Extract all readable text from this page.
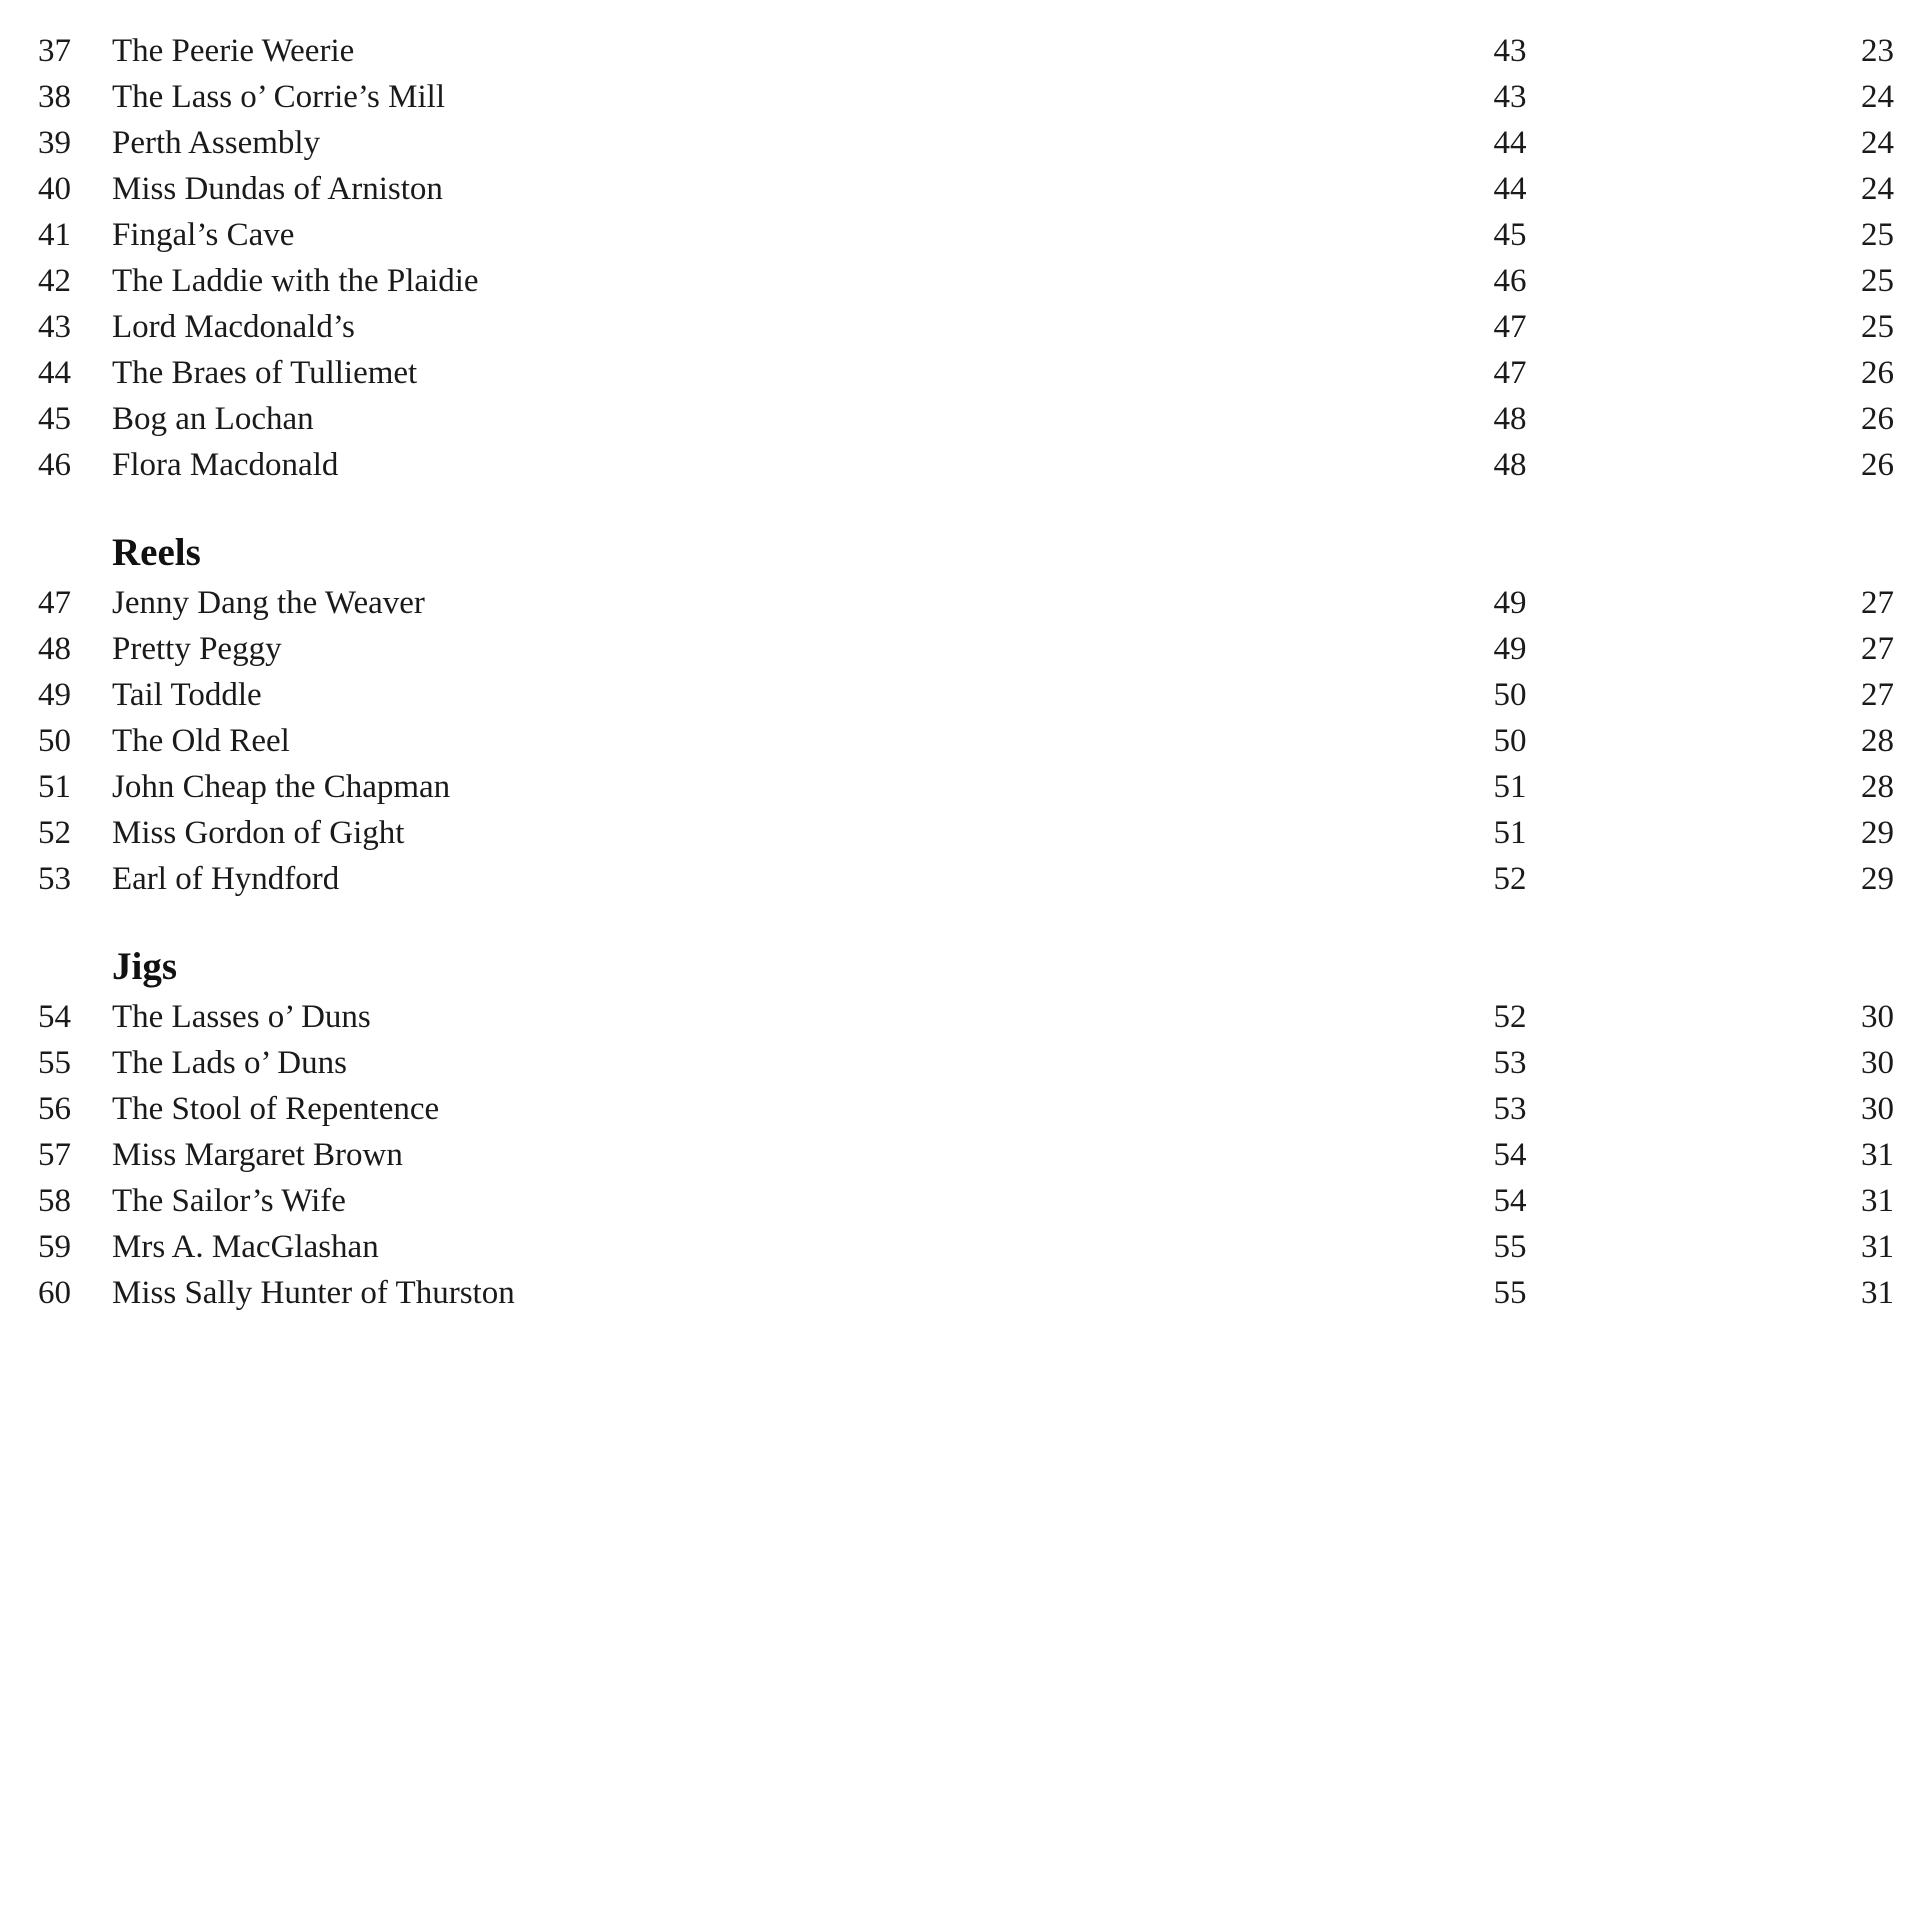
37 The Peerie Weerie	43	23
38 The Lass o’ Corrie’s Mill	43	24
39 Perth Assembly	44	24
40 Miss Dundas of Arniston	44	24
41 Fingal’s Cave	45	25
42 The Laddie with the Plaidie	46	25
43 Lord Macdonald’s	47	25
44 The Braes of Tulliemet	47	26
45 Bog an Lochan	48	26
46 Flora Macdonald	48	26
Reels
47 Jenny Dang the Weaver	49	27
48 Pretty Peggy	49	27
49 Tail Toddle	50	27
50 The Old Reel	50	28
51 John Cheap the Chapman	51	28
52 Miss Gordon of Gight	51	29
53 Earl of Hyndford	52	29
Jigs
54 The Lasses o’ Duns	52	30
55 The Lads o’ Duns	53	30
56 The Stool of Repentence	53	30
57 Miss Margaret Brown	54	31
58 The Sailor’s Wife	54	31
59 Mrs A. MacGlashan	55	31
60 Miss Sally Hunter of Thurston	55	31
